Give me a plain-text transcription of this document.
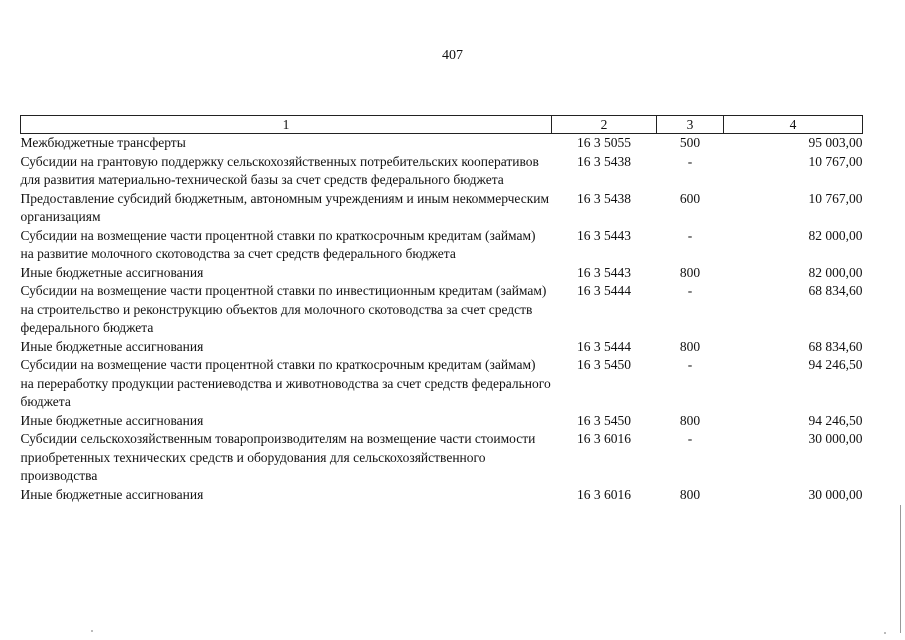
407
1	2	3	4
Межбюджетные трансферты	16 3 5055	500	95 003,00
Субсидии на грантовую поддержку сельскохозяйственных потребительских кооперативов для развития материально-технической базы за счет средств федерального бюджета	16 3 5438	-	10 767,00
Предоставление субсидий бюджетным, автономным учреждениям и иным некоммерческим организациям	16 3 5438	600	10 767,00
Субсидии на возмещение части процентной ставки по краткосрочным кредитам (займам) на развитие молочного скотоводства за счет средств федерального бюджета	16 3 5443	-	82 000,00
Иные бюджетные ассигнования	16 3 5443	800	82 000,00
Субсидии на возмещение части процентной ставки по инвестиционным кредитам (займам) на строительство и реконструкцию объектов для молочного скотоводства за счет средств федерального бюджета	16 3 5444	-	68 834,60
Иные бюджетные ассигнования	16 3 5444	800	68 834,60
Субсидии на возмещение части процентной ставки по краткосрочным кредитам (займам) на переработку продукции растениеводства и животноводства за счет средств федерального бюджета	16 3 5450	-	94 246,50
Иные бюджетные ассигнования	16 3 5450	800	94 246,50
Субсидии сельскохозяйственным товаропроизводителям на возмещение части стоимости приобретенных технических средств и оборудования для сельскохозяйственного производства	16 3 6016	-	30 000,00
Иные бюджетные ассигнования	16 3 6016	800	30 000,00
